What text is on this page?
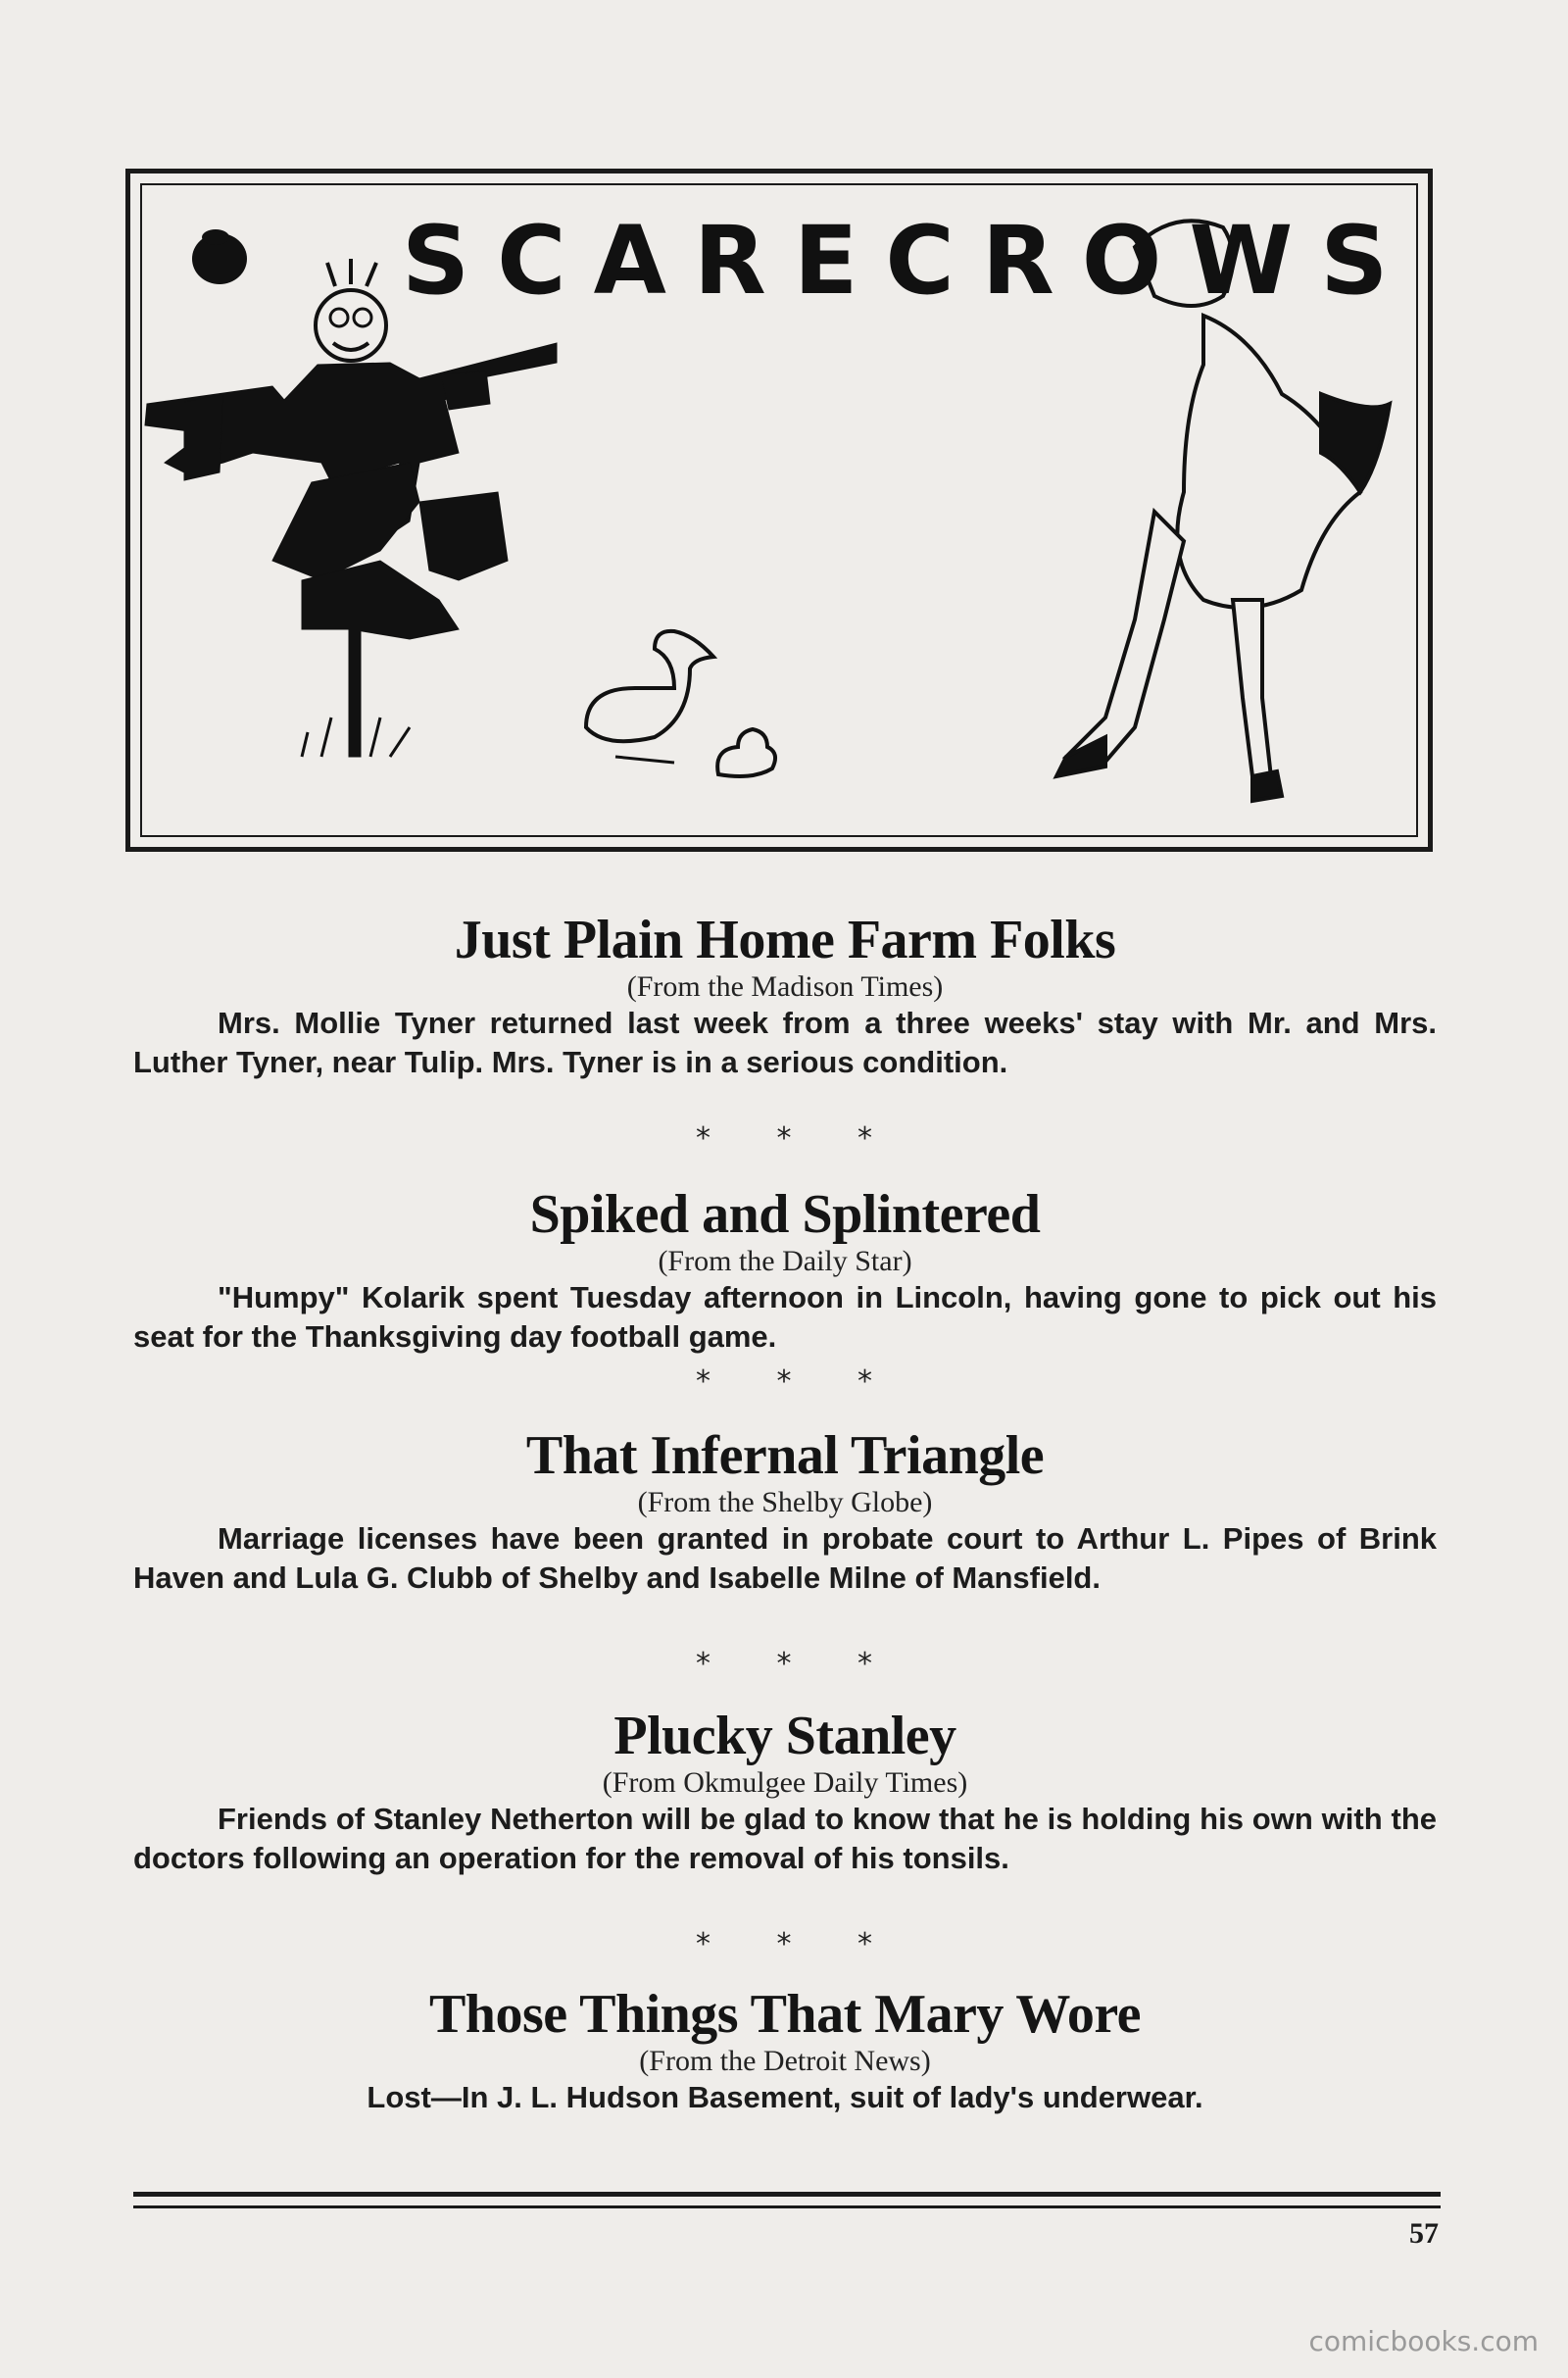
SCARECROWS
Just Plain Home Farm Folks
(From the Madison Times)
Mrs. Mollie Tyner returned last week from a three weeks' stay with Mr. and Mrs. Luther Tyner, near Tulip. Mrs. Tyner is in a serious condition.
* * *
Spiked and Splintered
(From the Daily Star)
"Humpy" Kolarik spent Tuesday afternoon in Lincoln, having gone to pick out his seat for the Thanksgiving day football game.
* * *
That Infernal Triangle
(From the Shelby Globe)
Marriage licenses have been granted in probate court to Arthur L. Pipes of Brink Haven and Lula G. Clubb of Shelby and Isabelle Milne of Mansfield.
* * *
Plucky Stanley
(From Okmulgee Daily Times)
Friends of Stanley Netherton will be glad to know that he is holding his own with the doctors following an operation for the removal of his tonsils.
* * *
Those Things That Mary Wore
(From the Detroit News)
Lost—In J. L. Hudson Basement, suit of lady's underwear.
57
comicbooks.com
